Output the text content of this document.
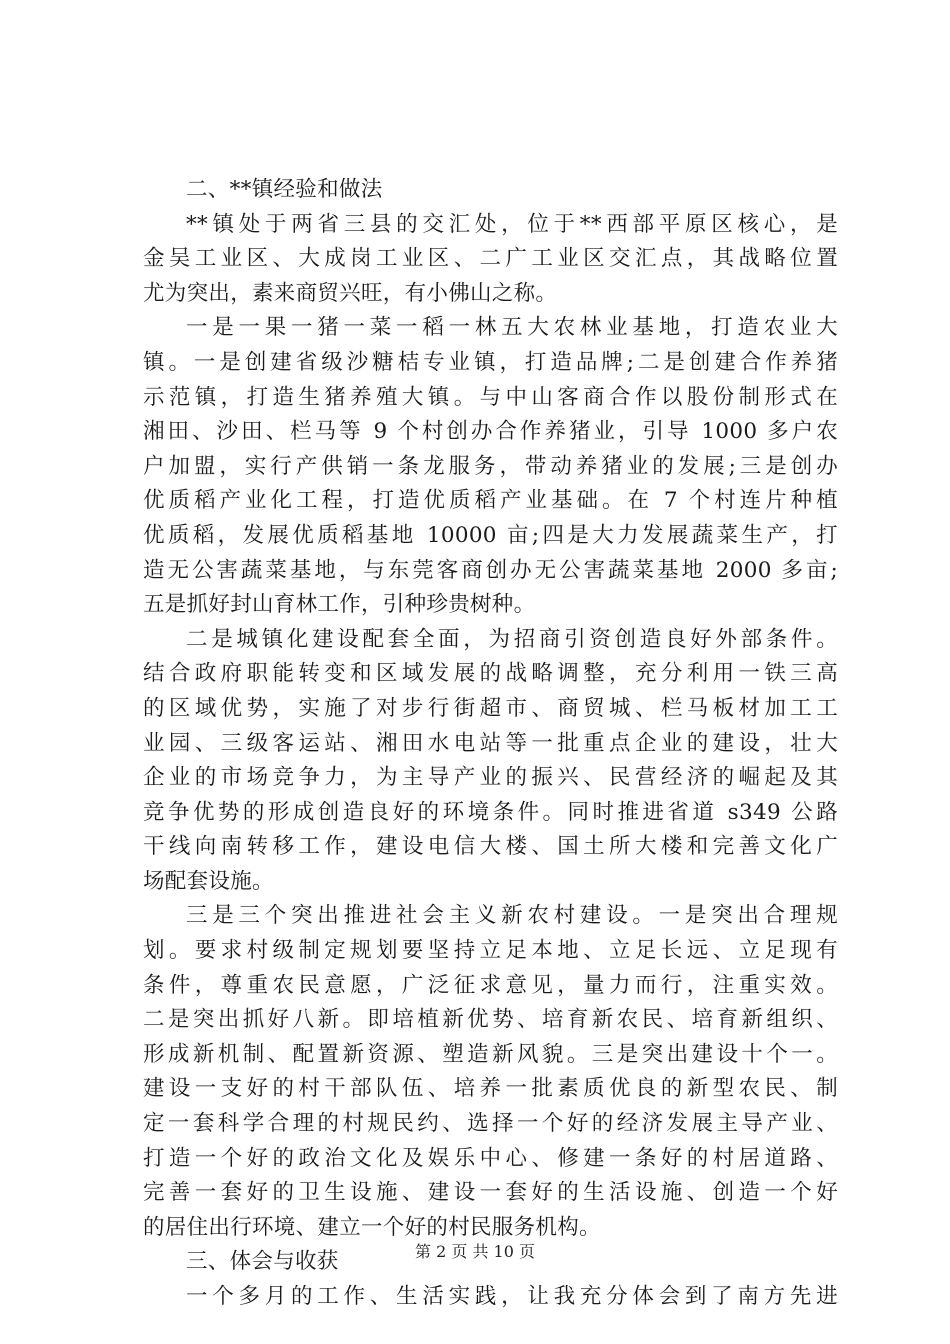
二、**镇经验和做法
**镇处于两省三县的交汇处，位于**西部平原区核心，是
金吴工业区、大成岗工业区、二广工业区交汇点，其战略位置
尤为突出，素来商贸兴旺，有小佛山之称。
一是一果一猪一菜一稻一林五大农林业基地，打造农业大
镇。一是创建省级沙糖桔专业镇，打造品牌;二是创建合作养猪
示范镇，打造生猪养殖大镇。与中山客商合作以股份制形式在
湘田、沙田、栏马等 9 个村创办合作养猪业，引导 1000 多户农
户加盟，实行产供销一条龙服务，带动养猪业的发展;三是创办
优质稻产业化工程，打造优质稻产业基础。在 7 个村连片种植
优质稻，发展优质稻基地 10000 亩;四是大力发展蔬菜生产，打
造无公害蔬菜基地，与东莞客商创办无公害蔬菜基地 2000 多亩;
五是抓好封山育林工作，引种珍贵树种。
二是城镇化建设配套全面，为招商引资创造良好外部条件。
结合政府职能转变和区域发展的战略调整，充分利用一铁三高
的区域优势，实施了对步行街超市、商贸城、栏马板材加工工
业园、三级客运站、湘田水电站等一批重点企业的建设，壮大
企业的市场竞争力，为主导产业的振兴、民营经济的崛起及其
竞争优势的形成创造良好的环境条件。同时推进省道 s349 公路
干线向南转移工作，建设电信大楼、国土所大楼和完善文化广
场配套设施。
三是三个突出推进社会主义新农村建设。一是突出合理规
划。要求村级制定规划要坚持立足本地、立足长远、立足现有
条件，尊重农民意愿，广泛征求意见，量力而行，注重实效。
二是突出抓好八新。即培植新优势、培育新农民、培育新组织、
形成新机制、配置新资源、塑造新风貌。三是突出建设十个一。
建设一支好的村干部队伍、培养一批素质优良的新型农民、制
定一套科学合理的村规民约、选择一个好的经济发展主导产业、
打造一个好的政治文化及娱乐中心、修建一条好的村居道路、
完善一套好的卫生设施、建设一套好的生活设施、创造一个好
的居住出行环境、建立一个好的村民服务机构。
三、体会与收获
一个多月的工作、生活实践，让我充分体会到了南方先进
第 2 页 共 10 页
